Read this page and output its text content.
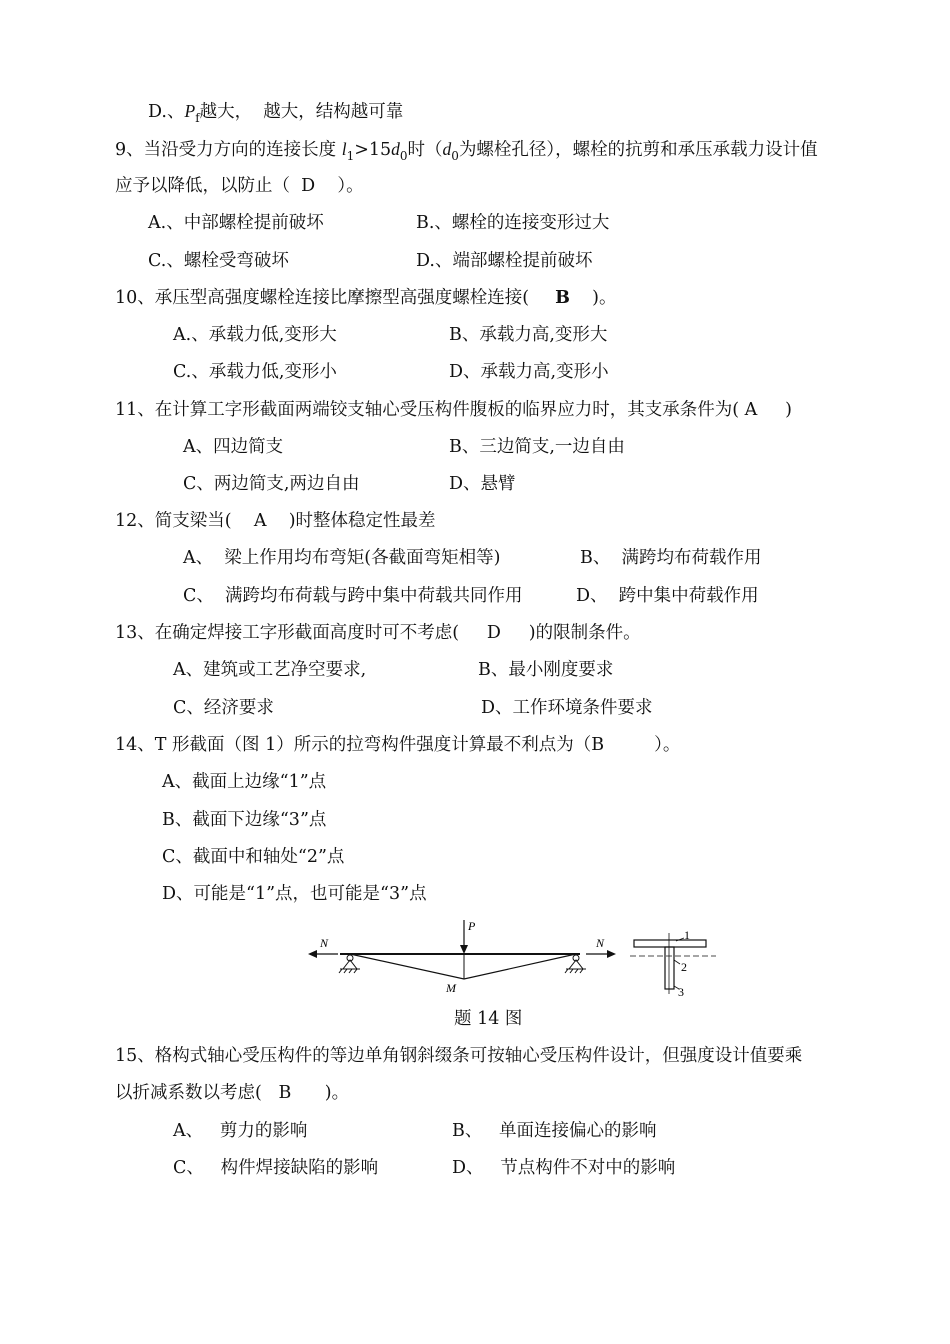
D.、$P_f$越大，  越大，结构越可靠
9、当沿受力方向的连接长度 $l_1>15d_0$时（$d_0$为螺栓孔径），螺栓的抗剪和承压承载力设计值
应予以降低，以防止（  D    ）。
A.、中部螺栓提前破坏	B.、螺栓的连接变形过大
C.、螺栓受弯破坏	D.、端部螺栓提前破坏
10、承压型高强度螺栓连接比摩擦型高强度螺栓连接( B    )。
A.、承载力低,变形大	B、承载力高,变形大
C.、承载力低,变形小	D、承载力高,变形小
11、在计算工字形截面两端铰支轴心受压构件腹板的临界应力时，其支承条件为( A     )
A、四边简支	B、三边简支,一边自由
C、两边简支,两边自由	D、悬臂
12、简支梁当(    A    )时整体稳定性最差
A、  梁上作用均布弯矩(各截面弯矩相等)	B、  满跨均布荷载作用
C、  满跨均布荷载与跨中集中荷载共同作用	D、  跨中集中荷载作用
13、在确定焊接工字形截面高度时可不考虑(     D     )的限制条件。
A、建筑或工艺净空要求,	B、最小刚度要求
C、经济要求	D、工作环境条件要求
14、T 形截面（图 1）所示的拉弯构件强度计算最不利点为（B         ）。
A、截面上边缘“1”点
B、截面下边缘“3”点
C、截面中和轴处“2”点
D、可能是“1”点，也可能是“3”点
N
M
P
N
1
2
3
题 14 图
15、格构式轴心受压构件的等边单角钢斜缀条可按轴心受压构件设计，但强度设计值要乘
以折减系数以考虑(   B      )。
A、   剪力的影响	B、   单面连接偏心的影响
C、   构件焊接缺陷的影响	D、   节点构件不对中的影响
